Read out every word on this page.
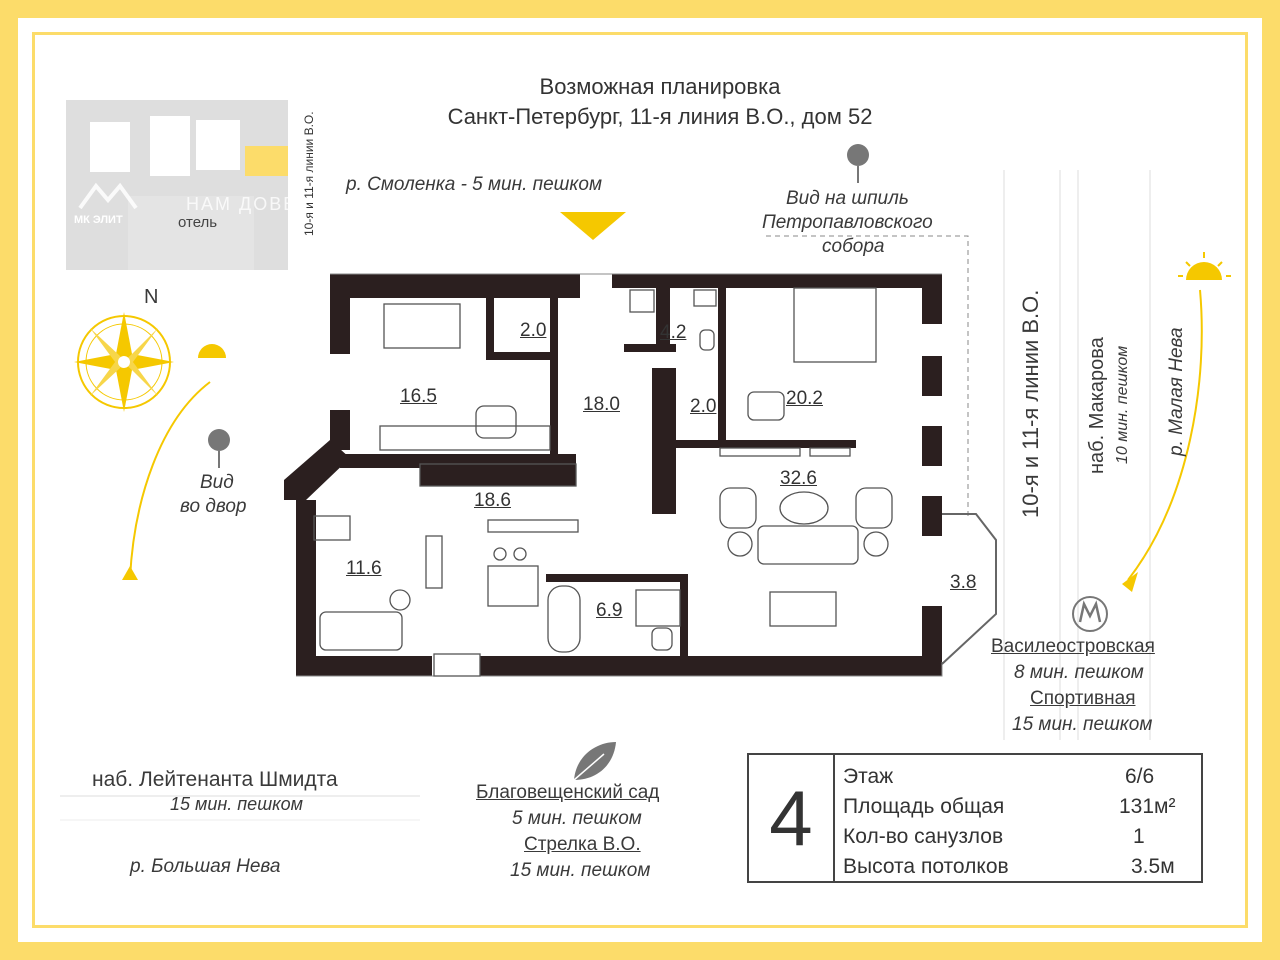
Возможная планировка
Санкт-Петербург, 11-я линия В.О., дом 52
МК ЭЛИТ
НАМ ДОВЕРЯЮТ
отель	10-я и 11-я линии В.О. р. Смоленка - 5 мин. пешком
Вид на шпиль
Петропавловского
собора
N
Вид
во двор	10-я и 11-я линии В.О. наб. Макарова 10 мин. пешком р. Малая Нева
Василеостровская
8 мин. пешком
Спортивная
15 мин. пешком
наб. Лейтенанта Шмидта
15 мин. пешком
р. Большая Нева
Благовещенский сад
5 мин. пешком
Стрелка В.О.
15 мин. пешком
16.5
2.0
18.0
4.2
2.0	20.2
18.6
32.6
11.6
6.9
3.8
4	Этаж	6/6
Площадь общая	131м²
Кол-во санузлов	1
Высота потолков	3.5м
